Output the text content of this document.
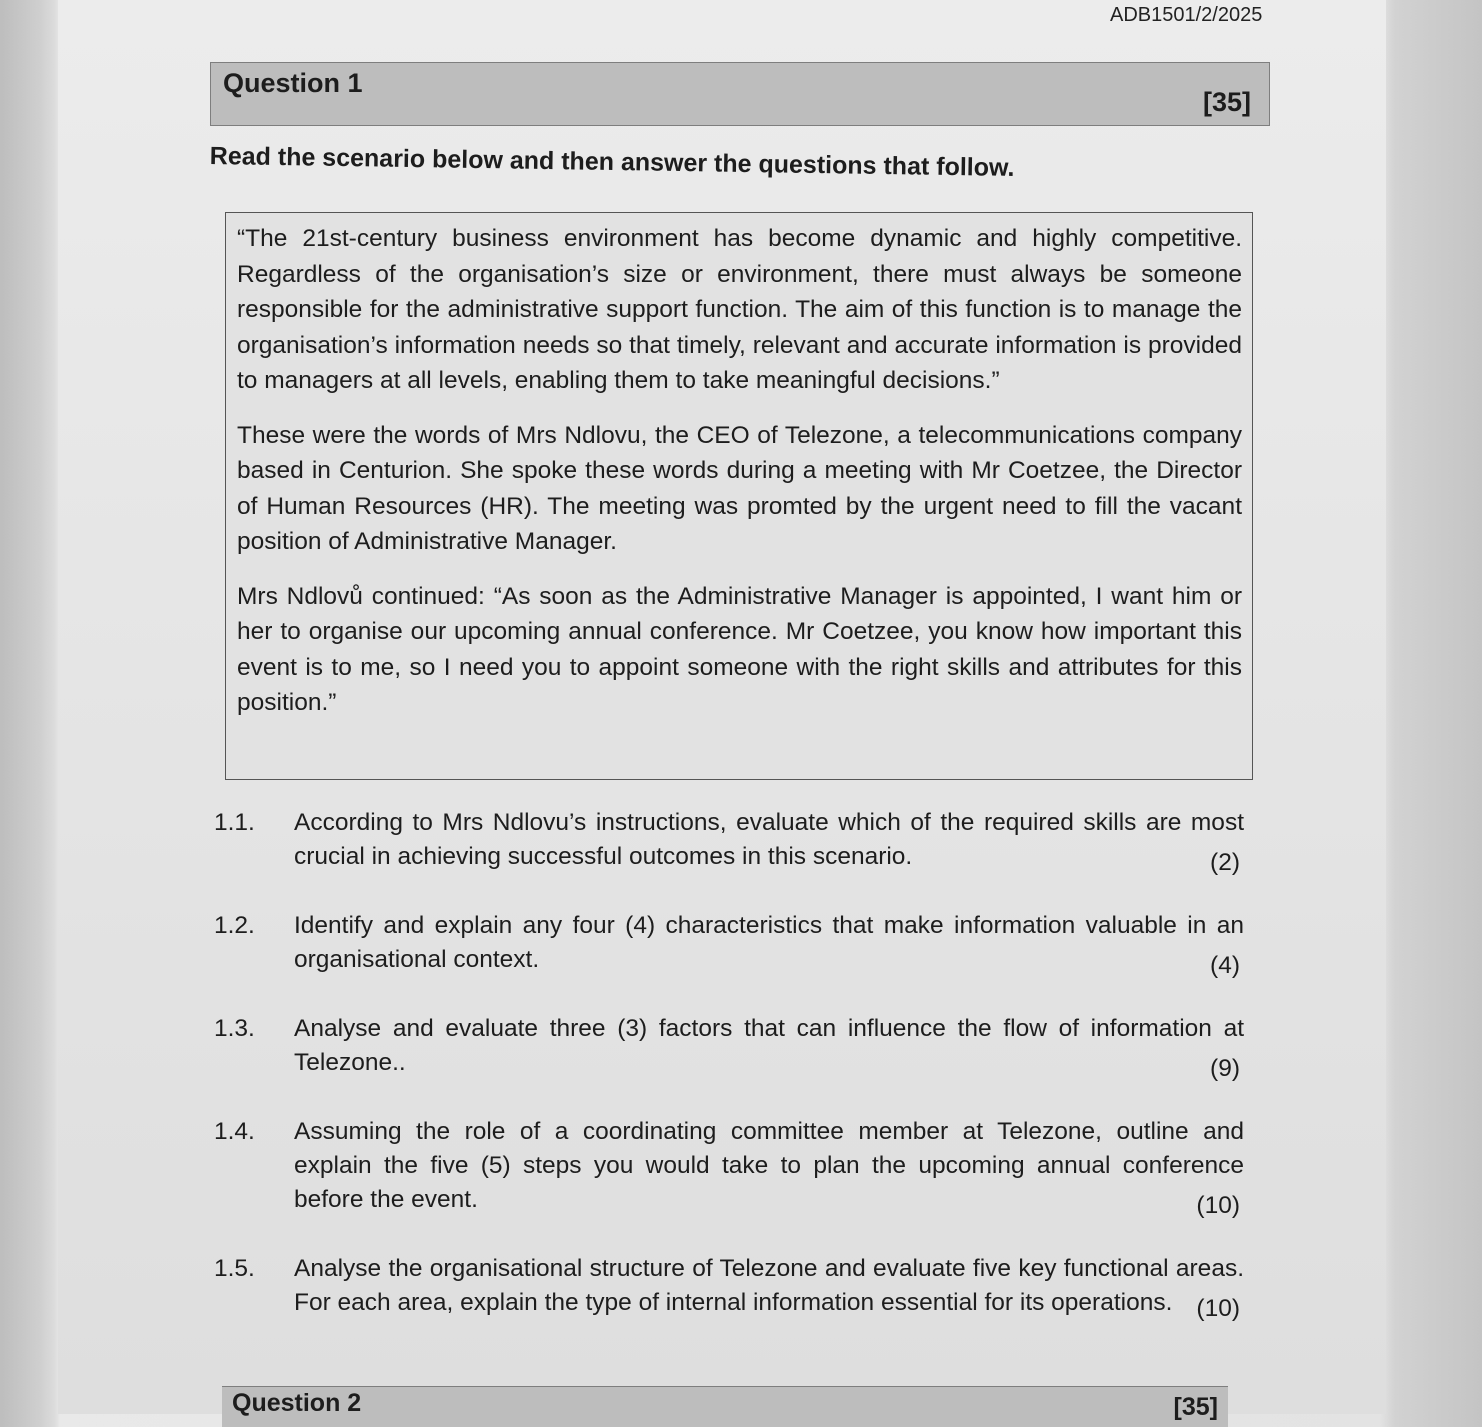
ADB1501/2/2025
Question 1
[35]
Read the scenario below and then answer the questions that follow.

“The 21st-century business environment has become dynamic and highly competitive. Regardless of the organisation’s size or environment, there must always be someone responsible for the administrative support function. The aim of this function is to manage the organisation’s information needs so that timely, relevant and accurate information is provided to managers at all levels, enabling them to take meaningful decisions.”

These were the words of Mrs Ndlovu, the CEO of Telezone, a telecommunications company based in Centurion. She spoke these words during a meeting with Mr Coetzee, the Director of Human Resources (HR). The meeting was promted by the urgent need to fill the vacant position of Administrative Manager.

Mrs Ndlovů continued: “As soon as the Administrative Manager is appointed, I want him or her to organise our upcoming annual conference. Mr Coetzee, you know how important this event is to me, so I need you to appoint someone with the right skills and attributes for this position.”

1.1. According to Mrs Ndlovu’s instructions, evaluate which of the required skills are most crucial in achieving successful outcomes in this scenario.	(2)
1.2. Identify and explain any four (4) characteristics that make information valuable in an organisational context.	(4)
1.3. Analyse and evaluate three (3) factors that can influence the flow of information at Telezone..	(9)
1.4. Assuming the role of a coordinating committee member at Telezone, outline and explain the five (5) steps you would take to plan the upcoming annual conference before the event.	(10)
1.5. Analyse the organisational structure of Telezone and evaluate five key functional areas. For each area, explain the type of internal information essential for its operations. (10)
Question 2	[35]
